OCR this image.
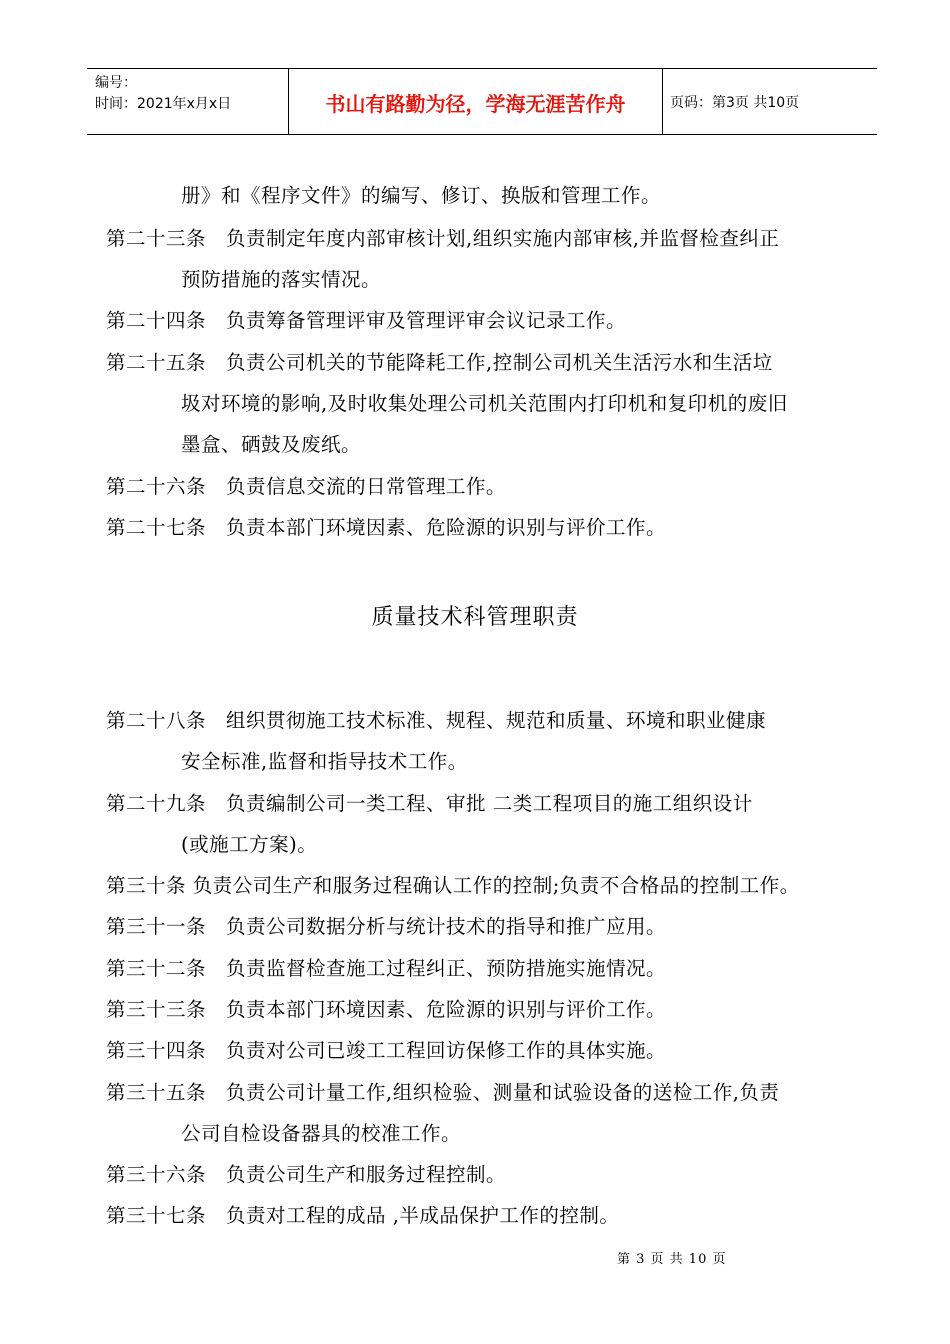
编号：
时间：2021年x月x日	书山有路勤为径，学海无涯苦作舟	页码：第3页 共10页
册》和《程序文件》的编写、修订、换版和管理工作。
第二十三条　负责制定年度内部审核计划,组织实施内部审核,并监督检查纠正
预防措施的落实情况。
第二十四条　负责筹备管理评审及管理评审会议记录工作。
第二十五条　负责公司机关的节能降耗工作,控制公司机关生活污水和生活垃
圾对环境的影响,及时收集处理公司机关范围内打印机和复印机的废旧
墨盒、硒鼓及废纸。
第二十六条　负责信息交流的日常管理工作。
第二十七条　负责本部门环境因素、危险源的识别与评价工作。
质量技术科管理职责
第二十八条　组织贯彻施工技术标准、规程、规范和质量、环境和职业健康
安全标准,监督和指导技术工作。
第二十九条　负责编制公司一类工程、审批 二类工程项目的施工组织设计
(或施工方案)。
第三十条 负责公司生产和服务过程确认工作的控制;负责不合格品的控制工作。
第三十一条　负责公司数据分析与统计技术的指导和推广应用。
第三十二条　负责监督检查施工过程纠正、预防措施实施情况。
第三十三条　负责本部门环境因素、危险源的识别与评价工作。
第三十四条　负责对公司已竣工工程回访保修工作的具体实施。
第三十五条　负责公司计量工作,组织检验、测量和试验设备的送检工作,负责
公司自检设备器具的校准工作。
第三十六条　负责公司生产和服务过程控制。
第三十七条　负责对工程的成品 ,半成品保护工作的控制。
第 3 页 共 10 页
